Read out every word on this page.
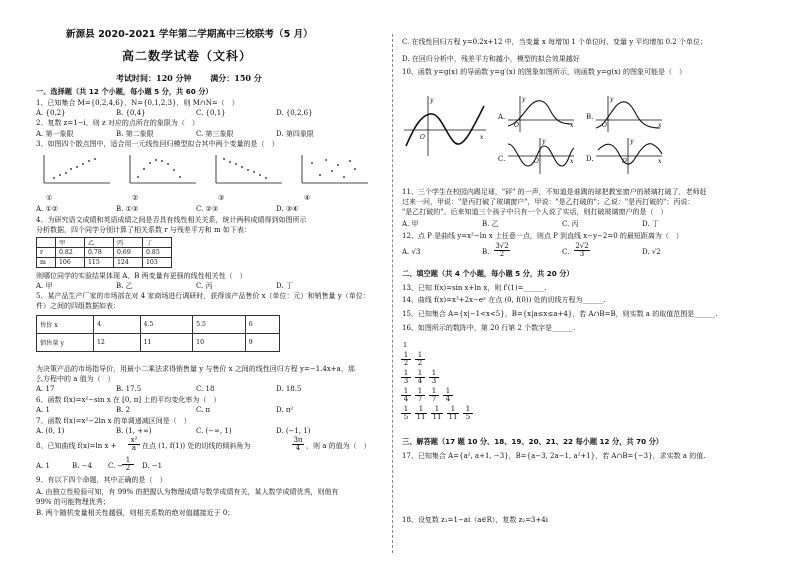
新源县 2020-2021 学年第二学期高中三校联考（5 月）
高二数学试卷（文科）
考试时间：120 分钟 　　满分：150 分
一、选择题（共 12 个小题，每小题 5 分，共 60 分）
1、已知集合 M={0,2,4,6}，N={0,1,2,3}，则 M∩N=（　）
A. {0,2}	B. {0,4}	C. {0,1}	D. {0,2,6}
2、复数 z=1−i，则 z 对应的点所在的象限为（　）
A. 第一象限	B. 第二象限	C. 第三象限	D. 第四象限
3、如图四个散点图中，适合用一元线性回归模型拟合其中两个变量的是（　）
①	②	③	④
A. ①②	B. ①③	C. ②③	D. ③④
4、为研究语文成绩和英语成绩之间是否具有线性相关关系，统计两科成绩得到如图所示
分析数据，四个同学分别计算了相关系数 r 与残差平方和 m 如下表：
	甲	乙	丙	丁
r	0.82	0.78	0.69	0.85
m	106	115	124	103
则哪位同学的实验结果体现 A、B 两变量有更强的线性相关性（　）
A. 甲	B. 乙	C. 丙	D. 丁
5、某产品生产厂家的市场部在对 4 家商场进行调研时，获得该产品售价 x（单位：元）和销售量 y（单位：
件）之间的四组数据如表：
售价 x	4	4.5	5.5	6
销售量 y	12	11	10	9
为决策产品的市场指导价，用最小二乘法求得销售量 y 与售价 x 之间的线性回归方程 y=−1.4x+a，那
么方程中的 a 值为（　）
A. 17	B. 17.5	C. 18	D. 18.5
6、函数 f(x)=x²−sin x 在 [0, π] 上的平均变化率为（　）
A. 1	B. 2	C. π	D. π²
7、函数 f(x)=x²−2ln x 的单调递减区间是（　）
A. (0, 1)	B. (1, +∞)	C. (−∞, 1)	D. (−1, 1)
8、已知曲线 f(x)=ln $x + \frac{\text{x²}}{a}$ 在点 (1, f(1)) 处的切线的倾斜角为	$\frac{3\pi}{4}$ ，则 a 的值为（　）
A. 1	B. −4 C. −
$\frac{1}{2} D$. −1
9、有以下四个命题，其中正确的是（　）
A. 由独立性检验可知，有 99% 的把握认为物理成绩与数学成绩有关，某人数学成绩优秀，则他有
99% 的可能物理优秀；
B. 两个随机变量相关性越强，则相关系数的绝对值越接近于 0；
C. 在线性回归方程 y=0.2x+12 中，当变量 x 每增加 1 个单位时，变量 y 平均增加 0.2 个单位；
D. 在回归分析中，残差平方和越小，模型的拟合效果越好
10、函数 y=g(x) 的导函数 y=g′(x) 的图象如图所示，则函数 y=g(x) 的图象可能是（　）
y
x
O
A.
y
x
O
B.
y
x
O
C.
y
x
O	D.
y
x
O
11、三个学生在校园内踢足球，"砰" 的一声，不知道是谁踢的球把教室窗户的玻璃打破了，老师赶
过来一问，甲说："是丙打破了玻璃窗户"，甲说："是乙打破的"；乙说："是丙打破的"；丙说：
"是乙打破的"。后来知道三个孩子中只有一个人说了实话，则打破玻璃窗户的是（　）
A. 甲	B. 乙	C. 丙	D. 丁
12、点 P 是曲线 y=x²−ln x 上任意一点，则点 P 到直线 x−y−2=0 的最短距离为（　）
A. √3	B. $\frac{3√2}{2}$	C. $\frac{2√2}{3}$	D. √2
二、填空题（共 4 个小题，每小题 5 分，共 20 分）
13、已知 f(x)=sin x+ln x，则 f′(1)=______.
14、曲线 f(x)=x³+2x−eˣ 在点 (0, f(0)) 处的切线方程为______.
15、已知集合 A={x|−1<x<5}，B={x|a≤x≤a+4}，若 A∩B=B，则实数 a 的取值范围是______.
16、如图所示的数阵中，第 20 行第 2 个数字是______.
1
$\frac{1}{2} \frac{1}{2}$
$\frac{1}{3} \frac{1}{4} \frac{1}{3}$
$\frac{1}{4} \frac{1}{7} \frac{1}{7} \frac{1}{4}$
$\frac{1}{5} \frac{1}{11} \frac{1}{11} \frac{1}{11} \frac{1}{5}$
三、解答题（17 题 10 分、18、19、20、21、22 每小题 12 分，共 70 分）
17、已知集合 A={a², a+1, −3}，B={a−3, 2a−1, a²+1}，若 A∩B={−3}，求实数 a 的值.
18、设复数 z₁=1−ai（a∈R），复数 z₂=3+4i
